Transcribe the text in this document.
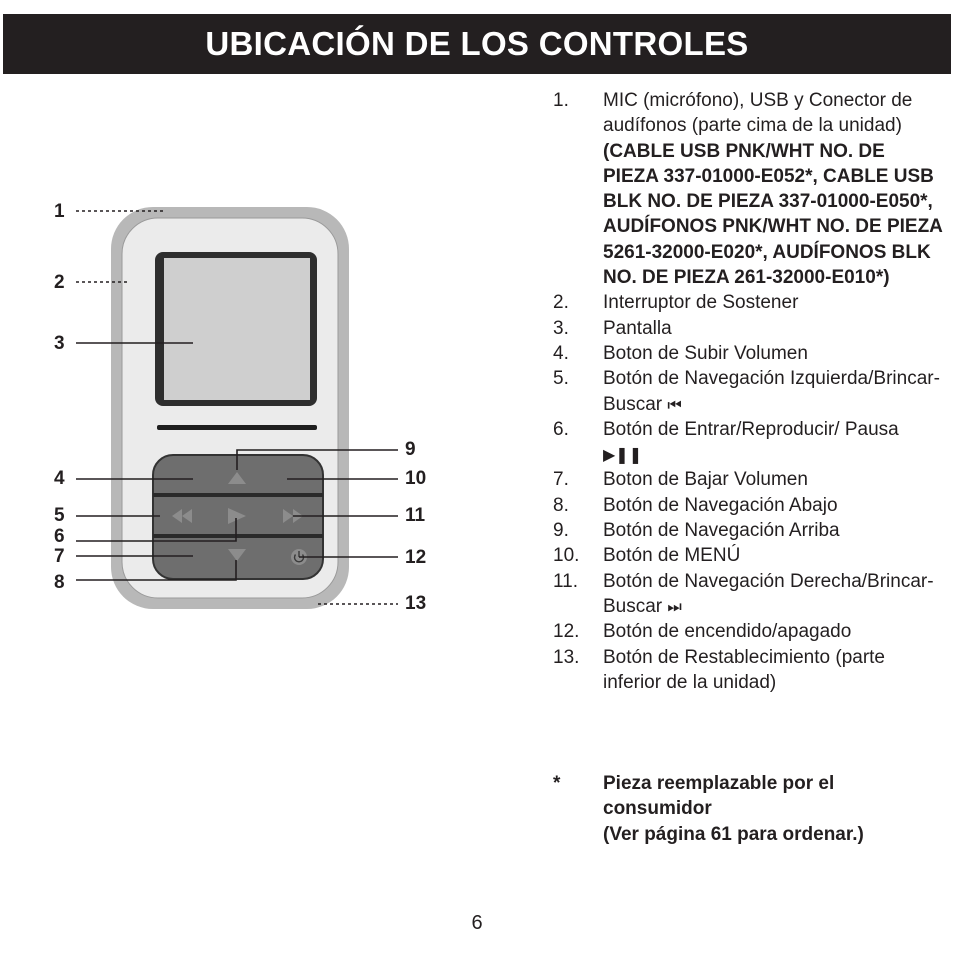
UBICACIÓN DE LOS CONTROLES
1
2
3
4
5
6
7
8
9
10
11
12
13
1.	MIC (micrófono), USB y Conector de audífonos (parte cima de la unidad) (CABLE USB PNK/WHT NO. DE PIEZA 337-01000-E052*, CABLE USB BLK NO. DE PIEZA 337-01000-E050*, AUDÍFONOS PNK/WHT NO. DE PIEZA 5261-32000-E020*, AUDÍFONOS BLK NO. DE PIEZA 261-32000-E010*)
2.	Interruptor de Sostener
3.	Pantalla
4.	Boton de Subir Volumen
5.	Botón de Navegación Izquierda/Brincar-Buscar ⏮
6.	Botón de Entrar/Reproducir/ Pausa ▶❚❚
7.	Boton de Bajar Volumen
8.	Botón de Navegación Abajo
9.	Botón de Navegación Arriba
10.	Botón de MENÚ
11.	Botón de Navegación Derecha/Brincar-Buscar ⏭
12.	Botón de encendido/apagado
13.	Botón de Restablecimiento (parte inferior de la unidad)
*	Pieza reemplazable por el consumidor
(Ver página 61 para ordenar.)
6
